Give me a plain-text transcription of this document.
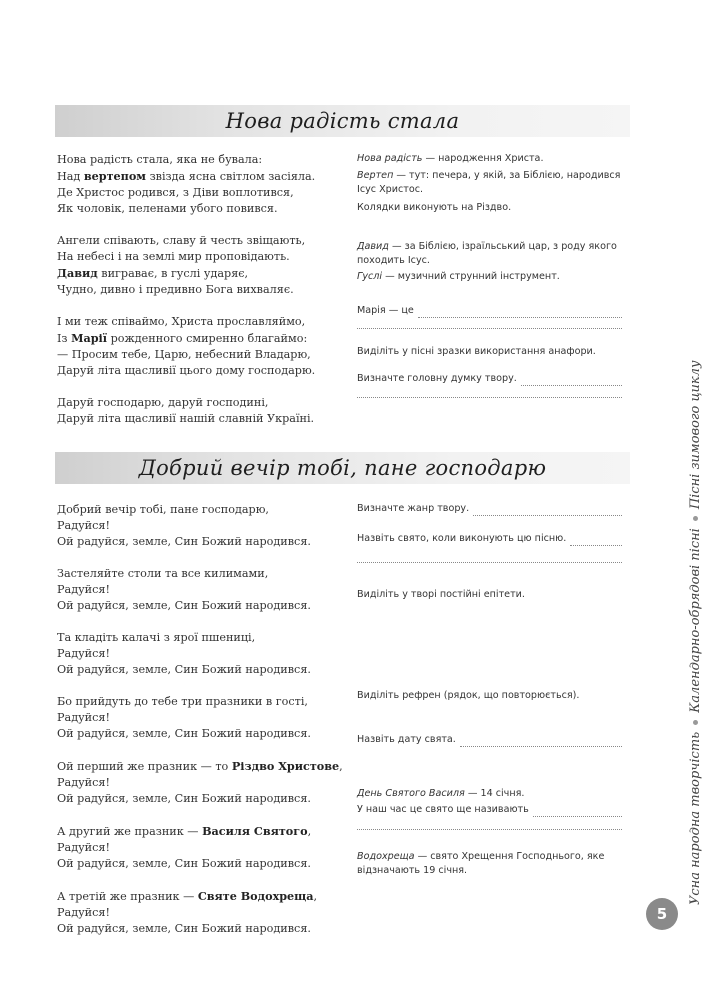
Нова радість стала
Нова радість стала, яка не бувала:
Над вертепом звізда ясна світлом засіяла.
Де Христос родився, з Діви воплотився,
Як чоловік, пеленами убого повився.
Ангели співають, славу й честь звіщають,
На небесі і на землі мир проповідають.
Давид виграває, в гуслі ударяє,
Чудно, дивно і предивно Бога вихваляє.
І ми теж співаймо, Христа прославляймо,
Із Марії рожденного смиренно благаймо:
— Просим тебе, Царю, небесний Владарю,
Даруй літа щасливії цього дому господарю.
Даруй господарю, даруй господині,
Даруй літа щасливії нашій славній Україні.
Нова радість — народження Христа.
Вертеп — тут: печера, у якій, за Біблією, народився Ісус Христос.
Колядки виконують на Різдво.
Давид — за Біблією, ізраїльський цар, з роду якого походить Ісус.
Гуслі — музичний струнний інструмент.
Марія — це
Виділіть у пісні зразки використання анафори.
Визначте головну думку твору.
Добрий вечір тобі, пане господарю
Добрий вечір тобі, пане господарю,
Радуйся!
Ой радуйся, земле, Син Божий народився.
Застеляйте столи та все килимами,
Радуйся!
Ой радуйся, земле, Син Божий народився.
Та кладіть калачі з ярої пшениці,
Радуйся!
Ой радуйся, земле, Син Божий народився.
Бо прийдуть до тебе три празники в гості,
Радуйся!
Ой радуйся, земле, Син Божий народився.
Ой перший же празник — то Різдво Христове,
Радуйся!
Ой радуйся, земле, Син Божий народився.
А другий же празник — Василя Святого,
Радуйся!
Ой радуйся, земле, Син Божий народився.
А третій же празник — Святе Водохреща,
Радуйся!
Ой радуйся, земле, Син Божий народився.
Визначте жанр твору.
Назвіть свято, коли виконують цю пісню.
Виділіть у творі постійні епітети.
Виділіть рефрен (рядок, що повторюється).
Назвіть дату свята.
День Святого Василя — 14 січня.
У наш час це свято ще називають
Водохреща — свято Хрещення Господнього, яке відзначають 19 січня.	Усна народна творчістьКалендарно-обрядові пісніПісні зимового циклу
5
